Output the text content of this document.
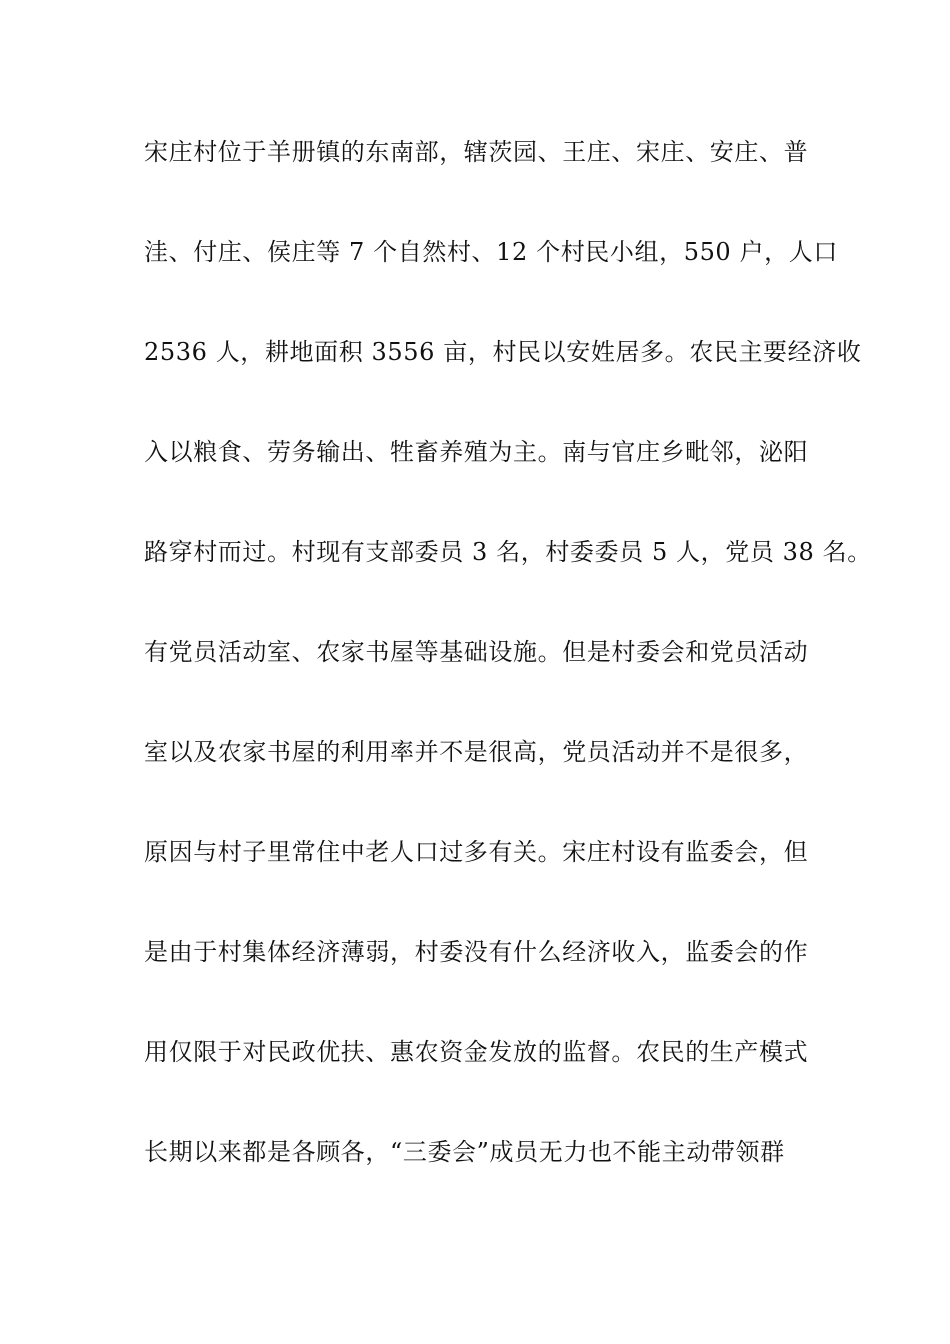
宋庄村位于羊册镇的东南部，辖茨园、王庄、宋庄、安庄、普
洼、付庄、侯庄等 7 个自然村、12 个村民小组，550 户，人口
2536 人，耕地面积 3556 亩，村民以安姓居多。农民主要经济收
入以粮食、劳务输出、牲畜养殖为主。南与官庄乡毗邻，泌阳
路穿村而过。村现有支部委员 3 名，村委委员 5 人，党员 38 名。
有党员活动室、农家书屋等基础设施。但是村委会和党员活动
室以及农家书屋的利用率并不是很高，党员活动并不是很多，
原因与村子里常住中老人口过多有关。宋庄村设有监委会，但
是由于村集体经济薄弱，村委没有什么经济收入，监委会的作
用仅限于对民政优扶、惠农资金发放的监督。农民的生产模式
长期以来都是各顾各，“三委会”成员无力也不能主动带领群
